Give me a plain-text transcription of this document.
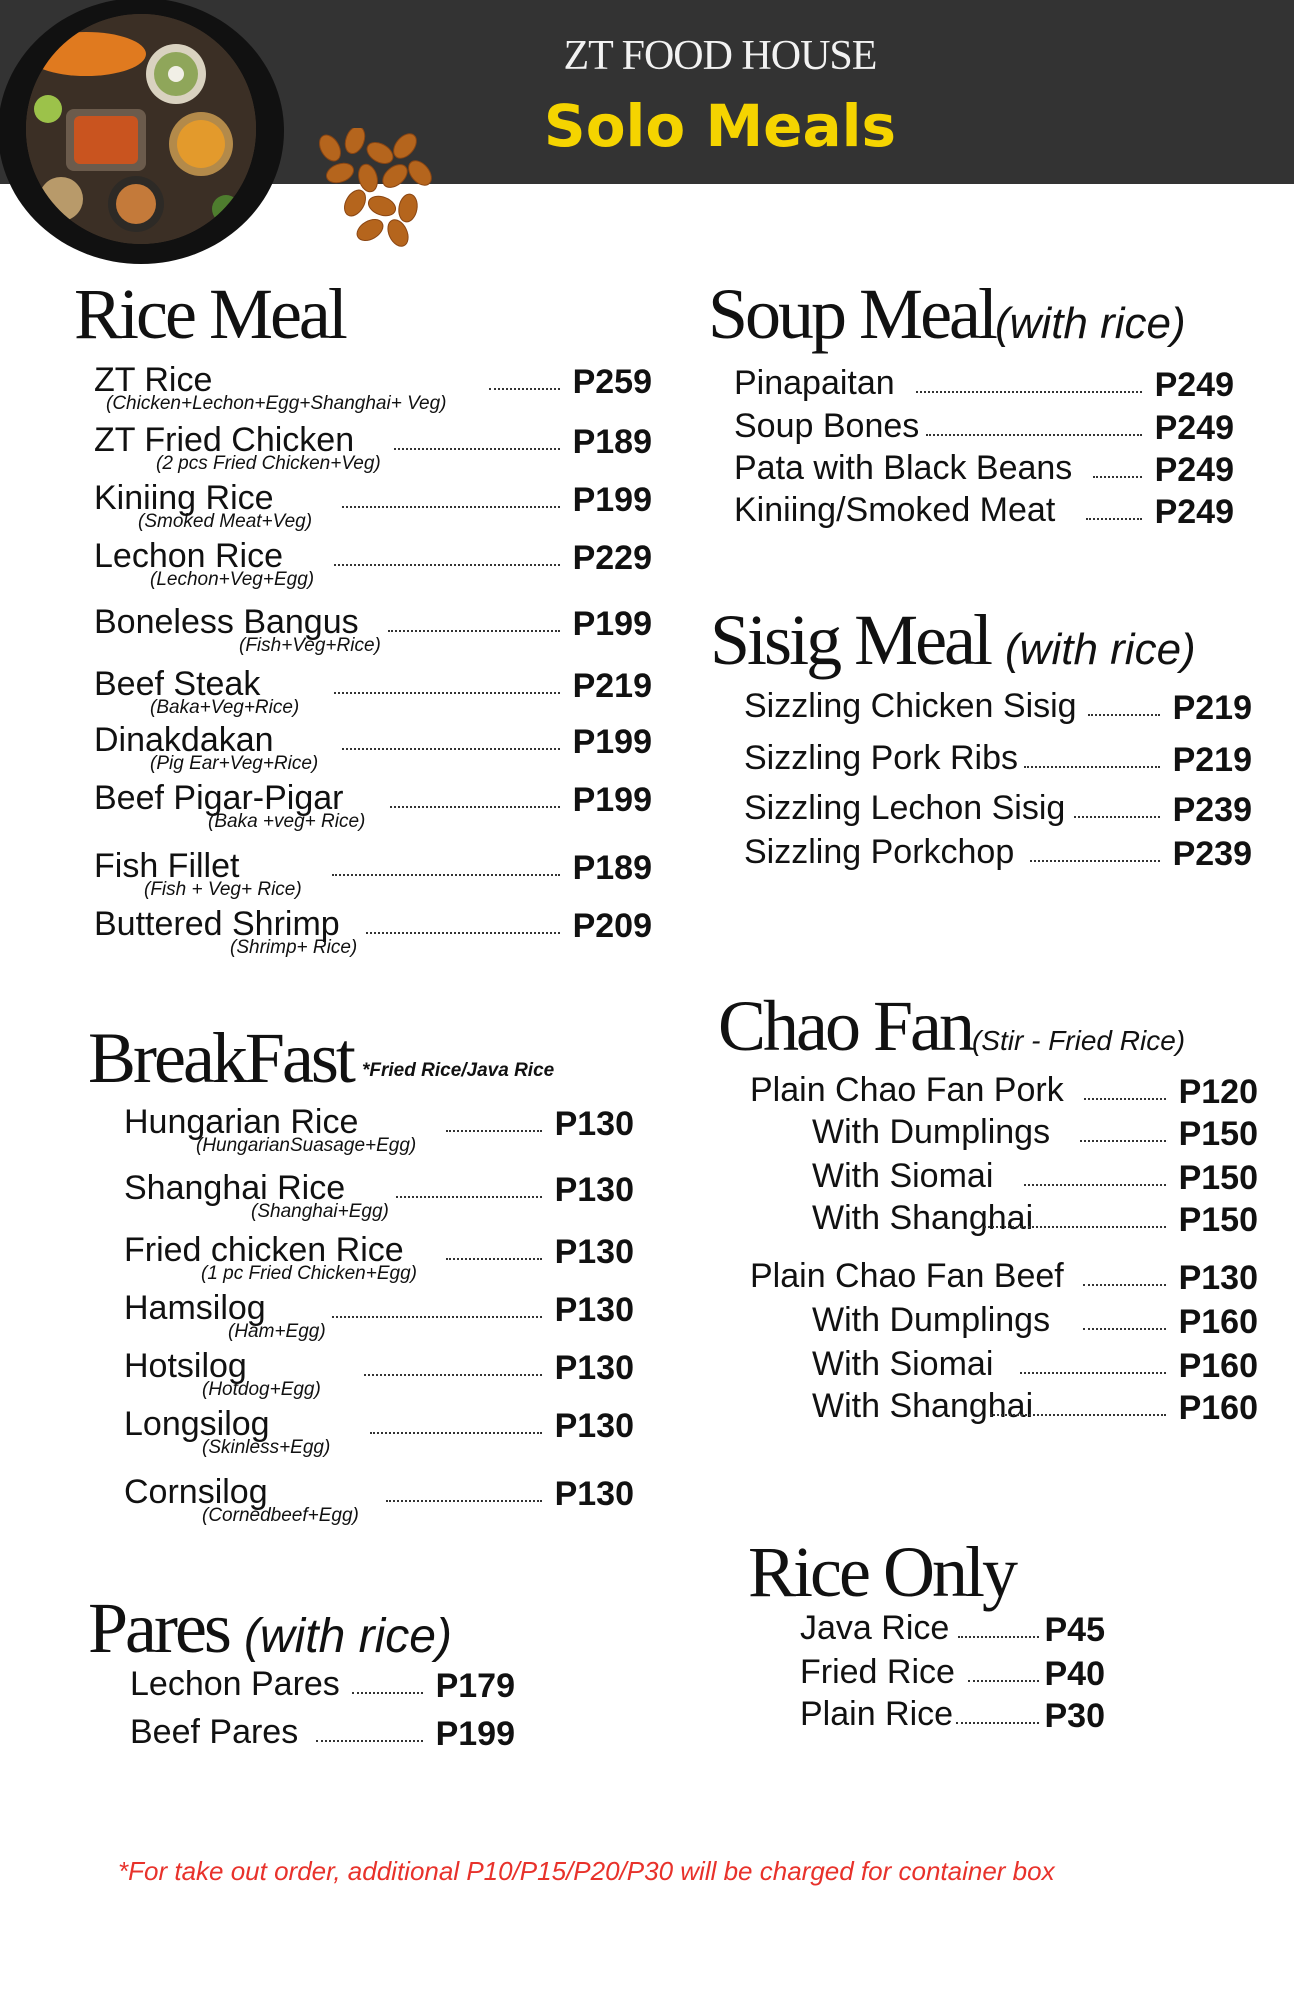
ZT FOOD HOUSE
Solo Meals
Rice Meal	Soup Meal(with rice)
Sisig Meal (with rice)
BreakFast *Fried Rice/Java Rice
Chao Fan(Stir - Fried Rice)
Pares (with rice)
Rice Only
ZT Rice	P259
(Chicken+Lechon+Egg+Shanghai+ Veg)
ZT Fried Chicken	P189
(2 pcs Fried Chicken+Veg)
Kiniing Rice	P199
(Smoked Meat+Veg)
Lechon Rice	P229
(Lechon+Veg+Egg)
Boneless Bangus	P199
(Fish+Veg+Rice)
Beef Steak	P219
(Baka+Veg+Rice)
Dinakdakan	P199
(Pig Ear+Veg+Rice)
Beef Pigar-Pigar	P199
(Baka +veg+ Rice)
Fish Fillet	P189
(Fish + Veg+ Rice)
Buttered Shrimp	P209
(Shrimp+ Rice)
Hungarian Rice	P130
(HungarianSuasage+Egg)
Shanghai Rice	P130
(Shanghai+Egg)
Fried chicken Rice	P130
(1 pc Fried Chicken+Egg)
Hamsilog	P130
(Ham+Egg)
Hotsilog	P130
(Hotdog+Egg)
Longsilog	P130
(Skinless+Egg)
Cornsilog	P130
(Cornedbeef+Egg)
Lechon Pares	P179
Beef Pares	P199
Pinapaitan	P249
Soup Bones	P249
Pata with Black Beans P249
Kiniing/Smoked Meat	P249
Sizzling Chicken Sisig	P219
Sizzling Pork Ribs	P219
Sizzling Lechon Sisig	P239
Sizzling Porkchop	P239
Plain Chao Fan Pork	P120
With Dumplings	P150
With Siomai	P150
With Shanghai	P150
Plain Chao Fan Beef	P130
With Dumplings	P160
With Siomai	P160
With Shanghai	P160
Java Rice	P45
Fried Rice	P40
Plain Rice	P30
*For take out order, additional P10/P15/P20/P30 will be charged for container box
